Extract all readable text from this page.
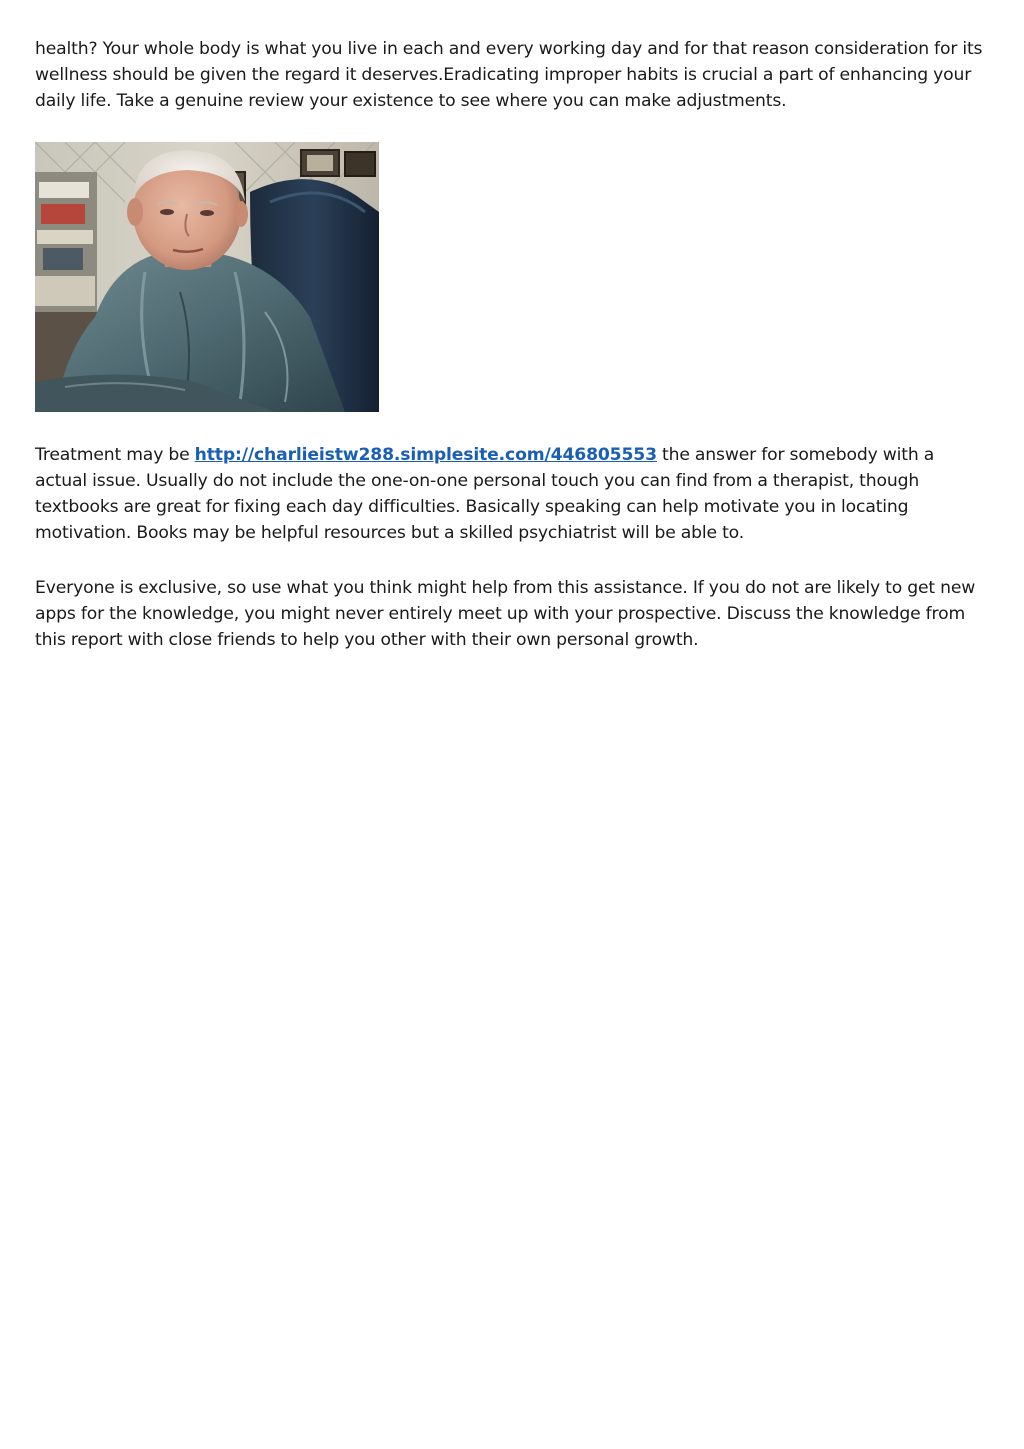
health? Your whole body is what you live in each and every working day and for that reason consideration for its wellness should be given the regard it deserves.Eradicating improper habits is crucial a part of enhancing your daily life. Take a genuine review your existence to see where you can make adjustments.

Treatment may be http://charlieistw288.simplesite.com/446805553 the answer for somebody with a actual issue. Usually do not include the one-on-one personal touch you can find from a therapist, though textbooks are great for fixing each day difficulties. Basically speaking can help motivate you in locating motivation. Books may be helpful resources but a skilled psychiatrist will be able to.

Everyone is exclusive, so use what you think might help from this assistance. If you do not are likely to get new apps for the knowledge, you might never entirely meet up with your prospective. Discuss the knowledge from this report with close friends to help you other with their own personal growth.
